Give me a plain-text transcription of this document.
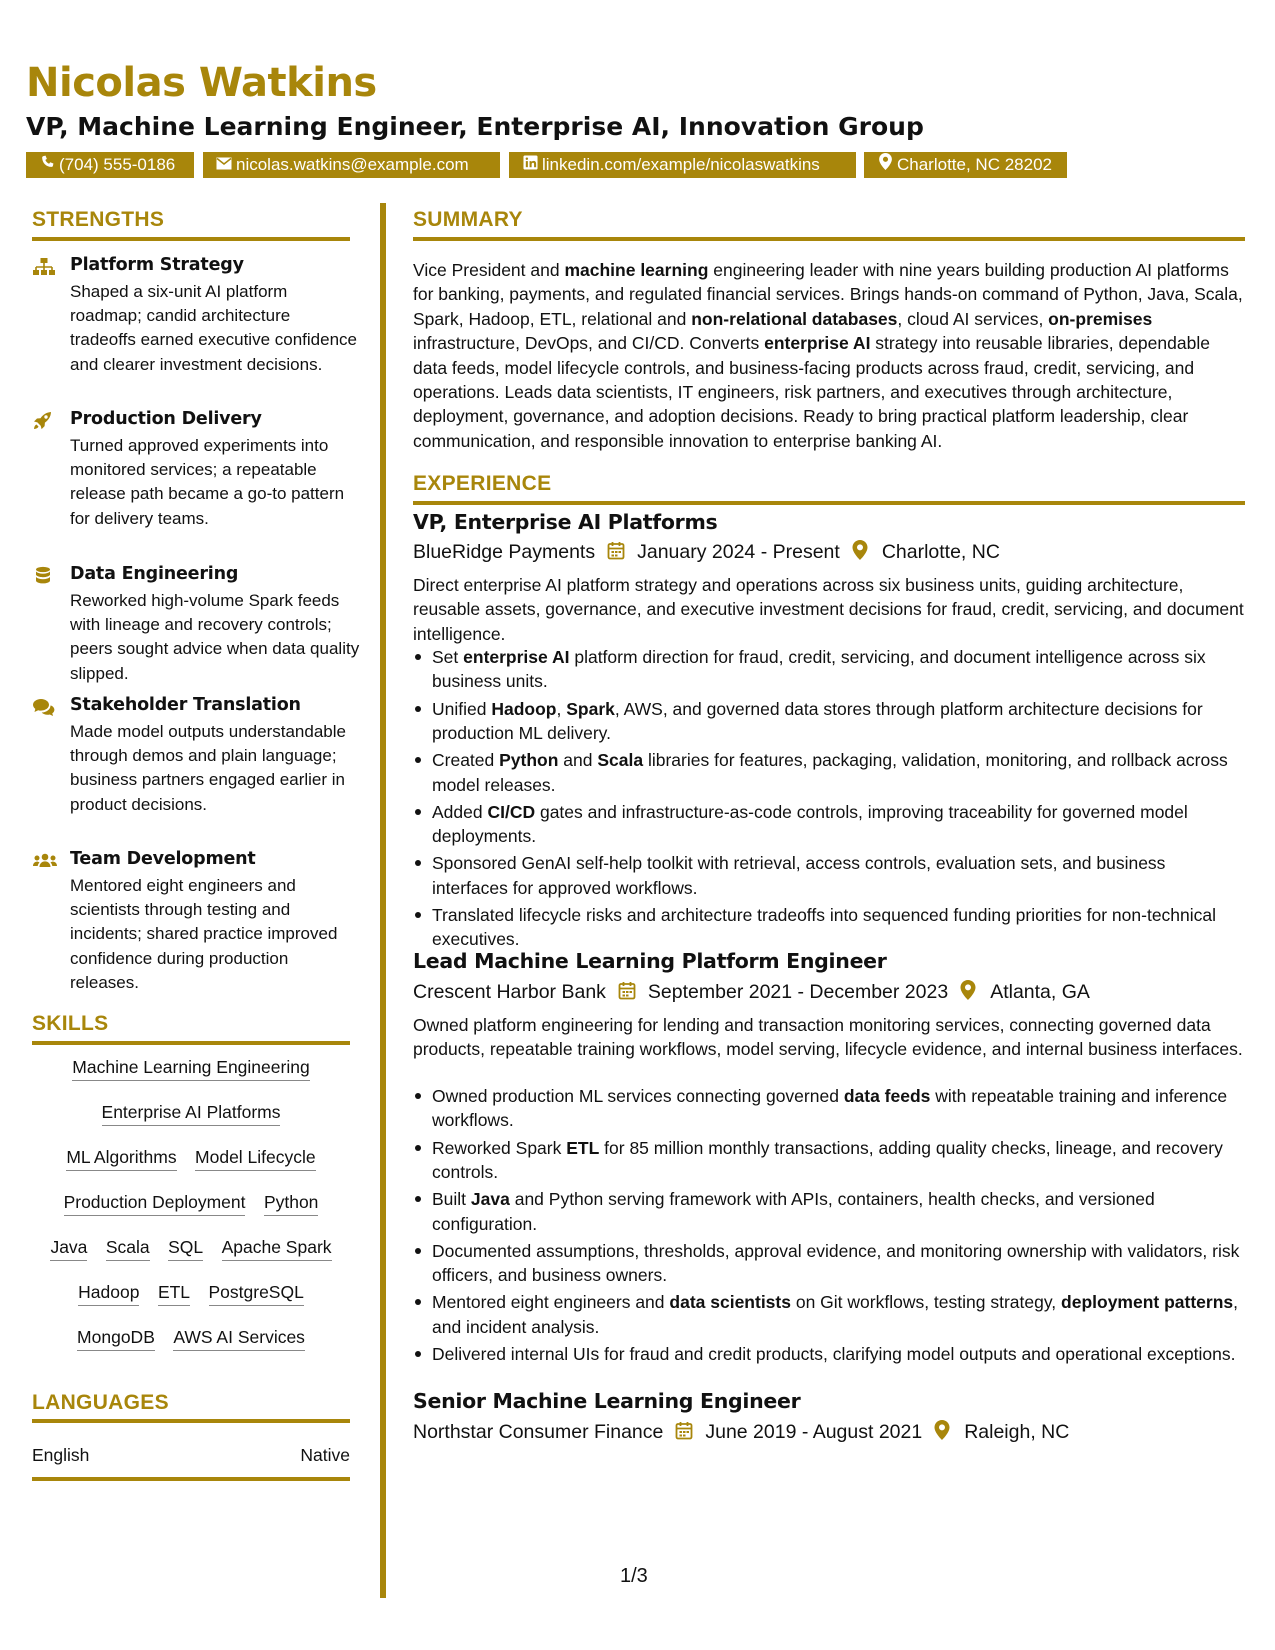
Nicolas Watkins
VP, Machine Learning Engineer, Enterprise AI, Innovation Group
(704) 555-0186	nicolas.watkins@example.com	linkedin.com/example/nicolaswatkins	Charlotte, NC 28202
STRENGTHS
Platform Strategy

Shaped a six-unit AI platform roadmap; candid architecture tradeoffs earned executive confidence and clearer investment decisions.

Production Delivery

Turned approved experiments into monitored services; a repeatable release path became a go-to pattern for delivery teams.

Data Engineering

Reworked high-volume Spark feeds with lineage and recovery controls; peers sought advice when data quality slipped.

Stakeholder Translation

Made model outputs understandable through demos and plain language; business partners engaged earlier in product decisions.

Team Development

Mentored eight engineers and scientists through testing and incidents; shared practice improved confidence during production releases.

SKILLS
Machine Learning Engineering
Enterprise AI Platforms
ML Algorithms Model Lifecycle
Production Deployment Python
Java Scala SQL Apache Spark
Hadoop ETL PostgreSQL
MongoDB AWS AI Services
LANGUAGES
English	Native
SUMMARY

Vice President and machine learning engineering leader with nine years building production AI platforms for banking, payments, and regulated financial services. Brings hands-on command of Python, Java, Scala, Spark, Hadoop, ETL, relational and non-relational databases, cloud AI services, on-premises infrastructure, DevOps, and CI/CD. Converts enterprise AI strategy into reusable libraries, dependable data feeds, model lifecycle controls, and business-facing products across fraud, credit, servicing, and operations. Leads data scientists, IT engineers, risk partners, and executives through architecture, deployment, governance, and adoption decisions. Ready to bring practical platform leadership, clear communication, and responsible innovation to enterprise banking AI.

EXPERIENCE
VP, Enterprise AI Platforms
BlueRidge Payments January 2024 - Present Charlotte, NC

Direct enterprise AI platform strategy and operations across six business units, guiding architecture, reusable assets, governance, and executive investment decisions for fraud, credit, servicing, and document intelligence.

Set enterprise AI platform direction for fraud, credit, servicing, and document intelligence across six business units.
Unified Hadoop, Spark, AWS, and governed data stores through platform architecture decisions for production ML delivery.
Created Python and Scala libraries for features, packaging, validation, monitoring, and rollback across model releases.
Added CI/CD gates and infrastructure-as-code controls, improving traceability for governed model deployments.
Sponsored GenAI self-help toolkit with retrieval, access controls, evaluation sets, and business interfaces for approved workflows.
Translated lifecycle risks and architecture tradeoffs into sequenced funding priorities for non-technical executives.
Lead Machine Learning Platform Engineer
Crescent Harbor Bank September 2021 - December 2023 Atlanta, GA

Owned platform engineering for lending and transaction monitoring services, connecting governed data products, repeatable training workflows, model serving, lifecycle evidence, and internal business interfaces.

Owned production ML services connecting governed data feeds with repeatable training and inference workflows.
Reworked Spark ETL for 85 million monthly transactions, adding quality checks, lineage, and recovery controls.
Built Java and Python serving framework with APIs, containers, health checks, and versioned configuration.
Documented assumptions, thresholds, approval evidence, and monitoring ownership with validators, risk officers, and business owners.
Mentored eight engineers and data scientists on Git workflows, testing strategy, deployment patterns, and incident analysis.
Delivered internal UIs for fraud and credit products, clarifying model outputs and operational exceptions.
Senior Machine Learning Engineer
Northstar Consumer Finance June 2019 - August 2021 Raleigh, NC
1/3
